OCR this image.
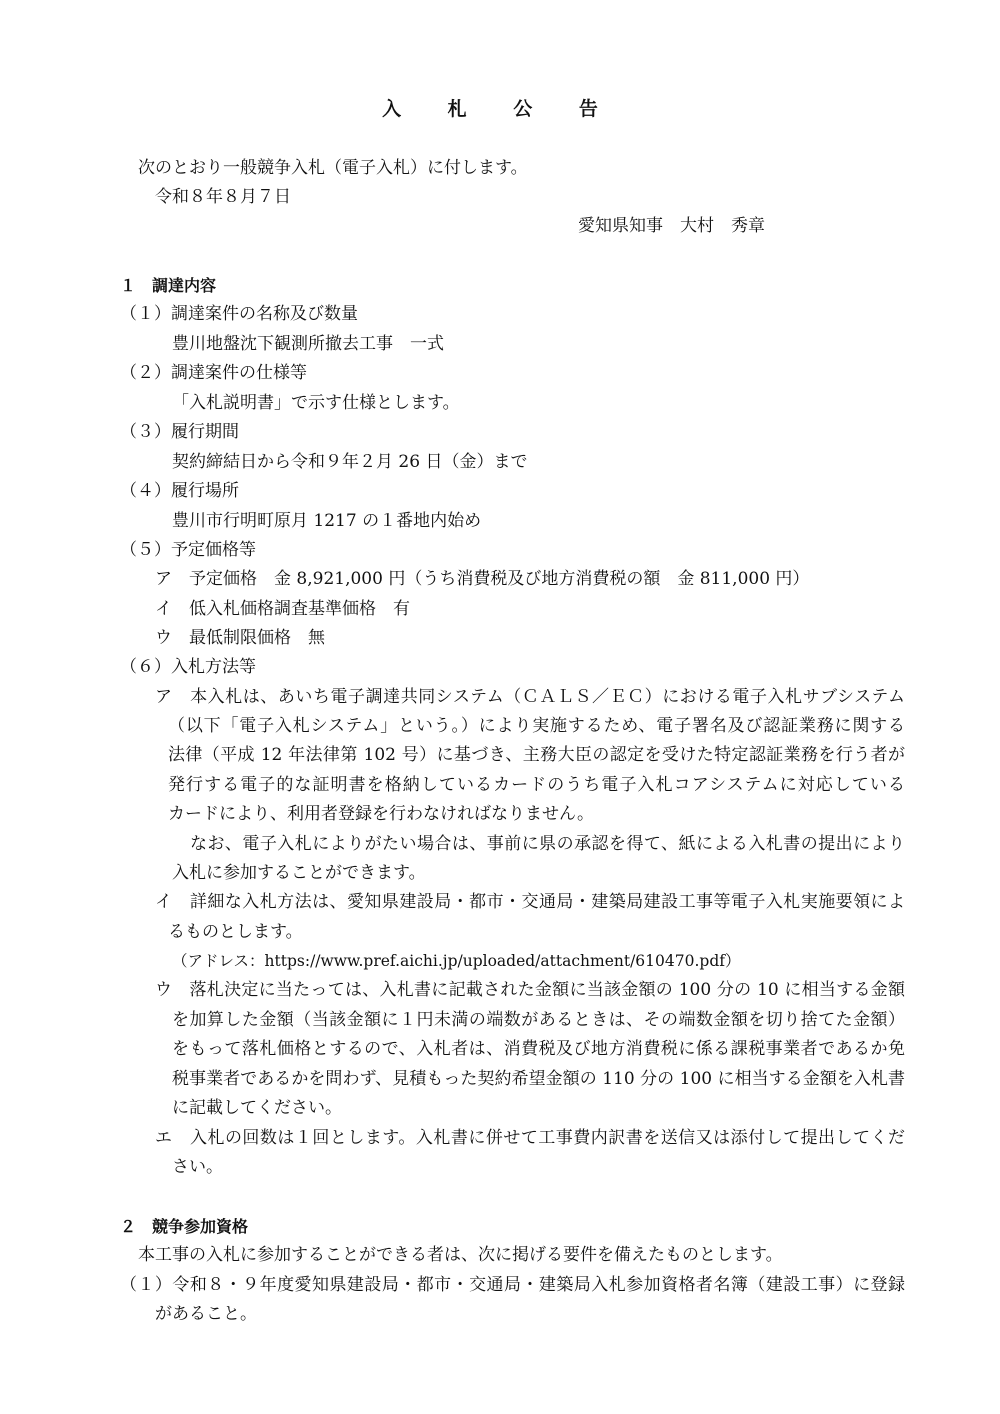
入 札 公 告
次のとおり一般競争入札（電子入札）に付します。
令和８年８月７日
愛知県知事　大村　秀章
１　調達内容
（１）調達案件の名称及び数量
豊川地盤沈下観測所撤去工事　一式
（２）調達案件の仕様等
「入札説明書」で示す仕様とします。
（３）履行期間
契約締結日から令和９年２月 26 日（金）まで
（４）履行場所
豊川市行明町原月 1217 の１番地内始め
（５）予定価格等
ア　予定価格　金 8,921,000 円（うち消費税及び地方消費税の額　金 811,000 円）
イ　低入札価格調査基準価格　有
ウ　最低制限価格　無
（６）入札方法等
ア　本入札は、あいち電子調達共同システム（ＣＡＬＳ／ＥＣ）における電子入札サブシステム
（以下「電子入札システム」という。）により実施するため、電子署名及び認証業務に関する
法律（平成 12 年法律第 102 号）に基づき、主務大臣の認定を受けた特定認証業務を行う者が
発行する電子的な証明書を格納しているカードのうち電子入札コアシステムに対応している
カードにより、利用者登録を行わなければなりません。
なお、電子入札によりがたい場合は、事前に県の承認を得て、紙による入札書の提出により
入札に参加することができます。
イ　詳細な入札方法は、愛知県建設局・都市・交通局・建築局建設工事等電子入札実施要領によ
るものとします。
（アドレス：https://www.pref.aichi.jp/uploaded/attachment/610470.pdf）
ウ　落札決定に当たっては、入札書に記載された金額に当該金額の 100 分の 10 に相当する金額
を加算した金額（当該金額に１円未満の端数があるときは、その端数金額を切り捨てた金額）
をもって落札価格とするので、入札者は、消費税及び地方消費税に係る課税事業者であるか免
税事業者であるかを問わず、見積もった契約希望金額の 110 分の 100 に相当する金額を入札書
に記載してください。
エ　入札の回数は１回とします。入札書に併せて工事費内訳書を送信又は添付して提出してくだ
さい。
２　競争参加資格
本工事の入札に参加することができる者は、次に掲げる要件を備えたものとします。
（１）令和８・９年度愛知県建設局・都市・交通局・建築局入札参加資格者名簿（建設工事）に登録
があること。
